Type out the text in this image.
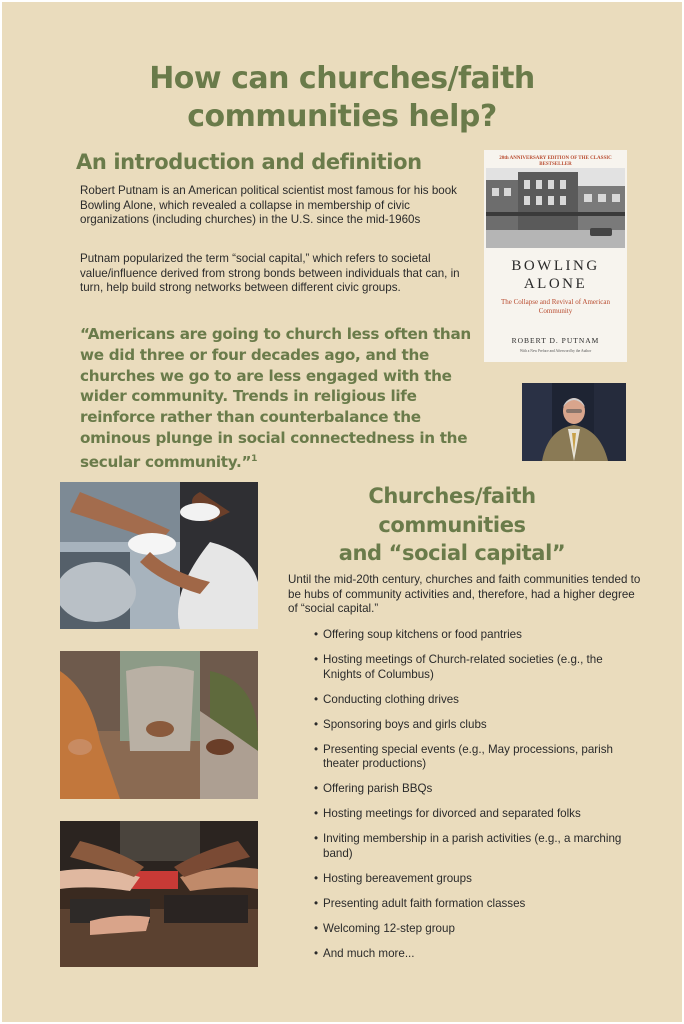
How can churches/faith communities help?
An introduction and definition

Robert Putnam is an American political scientist most famous for his book Bowling Alone, which revealed a collapse in membership of civic organizations (including churches) in the U.S. since the mid-1960s

Putnam popularized the term “social capital,” which refers to societal value/influence derived from strong bonds between individuals that can, in turn, help build strong networks between different civic groups.

“Americans are going to church less often than we did three or four decades ago, and the churches we go to are less engaged with the wider community. Trends in religious life reinforce rather than counterbalance the ominous plunge in social connectedness in the secular community.”$^1$

20th ANNIVERSARY EDITION OF THE CLASSIC BESTSELLER
BOWLING
ALONE
The Collapse and Revival of American Community
ROBERT D. PUTNAM
With a New Preface and Afterword by the Author
Churches/faith
communities
and “social capital”

Until the mid-20th century, churches and faith communities tended to be hubs of community activities and, therefore, had a higher degree of “social capital.”

• Offering soup kitchens or food pantries
• Hosting meetings of Church-related societies (e.g., the Knights of Columbus)
• Conducting clothing drives
• Sponsoring boys and girls clubs
• Presenting special events (e.g., May processions, parish theater productions)
• Offering parish BBQs
• Hosting meetings for divorced and separated folks
• Inviting membership in a parish activities (e.g., a marching band)
• Hosting bereavement groups
• Presenting adult faith formation classes
• Welcoming 12-step group
• And much more...
